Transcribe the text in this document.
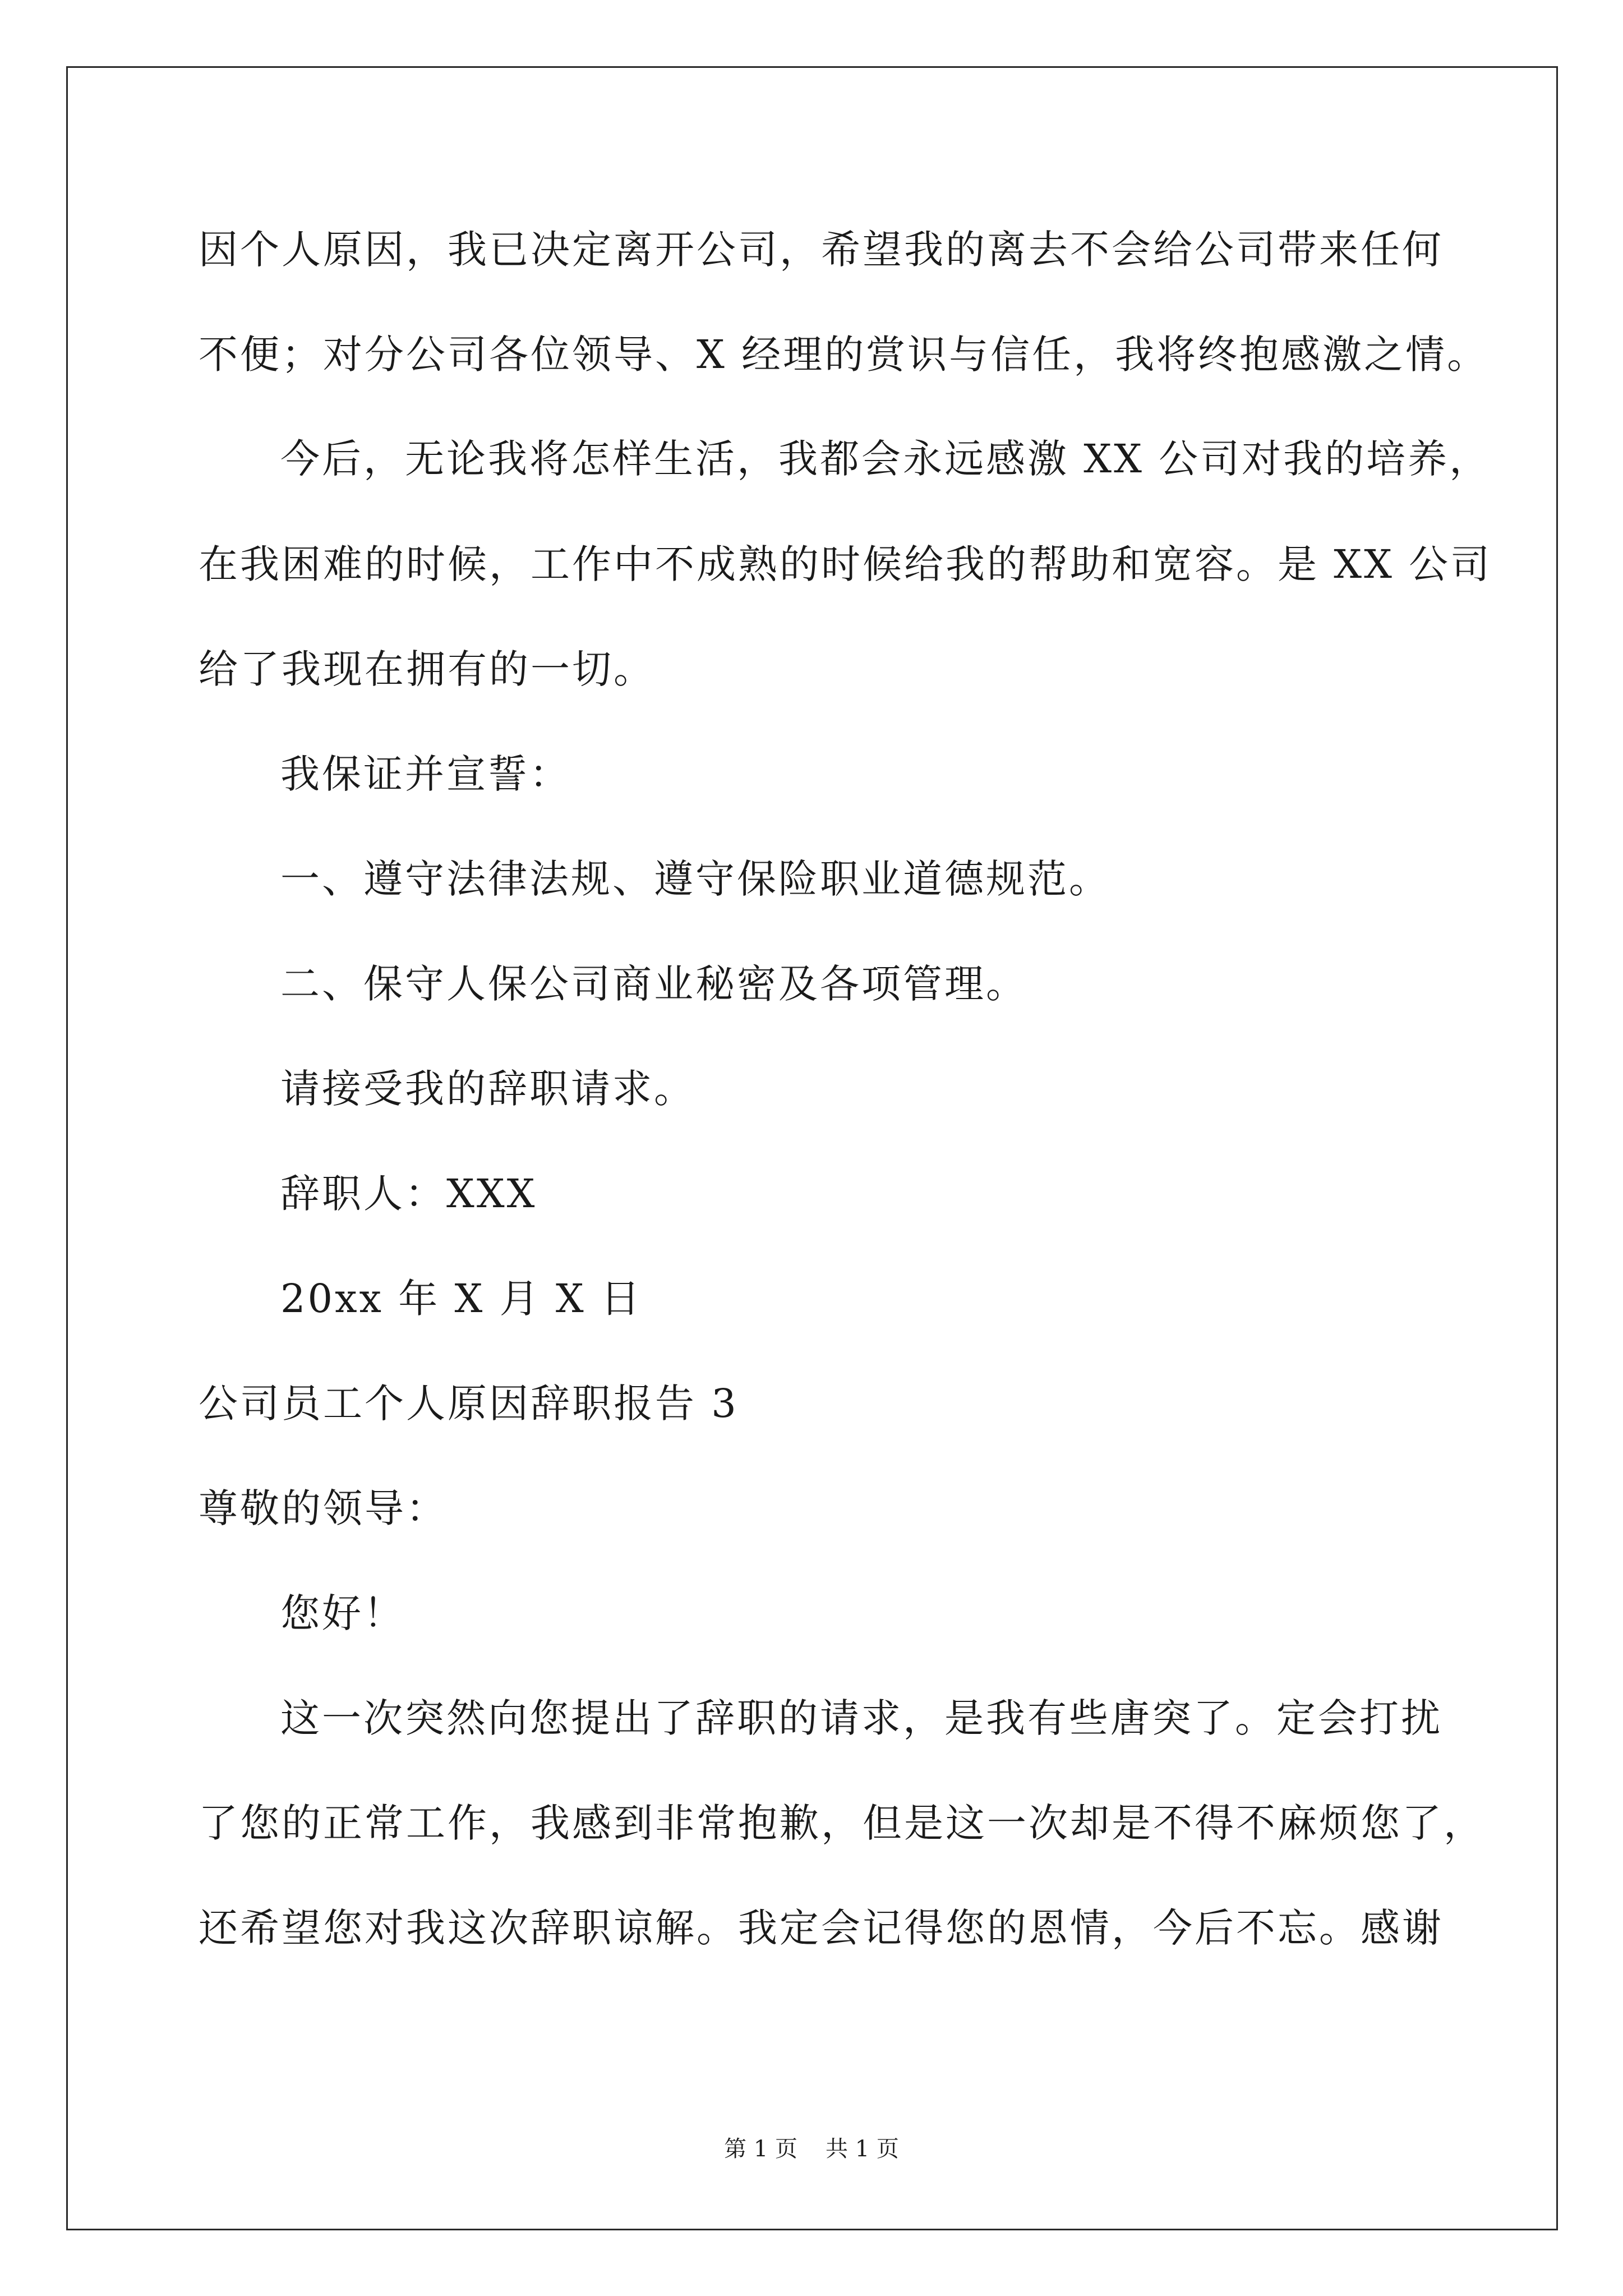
因个人原因，我已决定离开公司，希望我的离去不会给公司带来任何
不便；对分公司各位领导、X 经理的赏识与信任，我将终抱感激之情。
今后，无论我将怎样生活，我都会永远感激 XX 公司对我的培养，
在我困难的时候，工作中不成熟的时候给我的帮助和宽容。是 XX 公司
给了我现在拥有的一切。
我保证并宣誓：
一、遵守法律法规、遵守保险职业道德规范。
二、保守人保公司商业秘密及各项管理。
请接受我的辞职请求。
辞职人：XXX
20xx 年 X 月 X 日
公司员工个人原因辞职报告 3
尊敬的领导：
您好！
这一次突然向您提出了辞职的请求，是我有些唐突了。定会打扰
了您的正常工作，我感到非常抱歉，但是这一次却是不得不麻烦您了，
还希望您对我这次辞职谅解。我定会记得您的恩情，今后不忘。感谢
第 1 页 共 1 页
